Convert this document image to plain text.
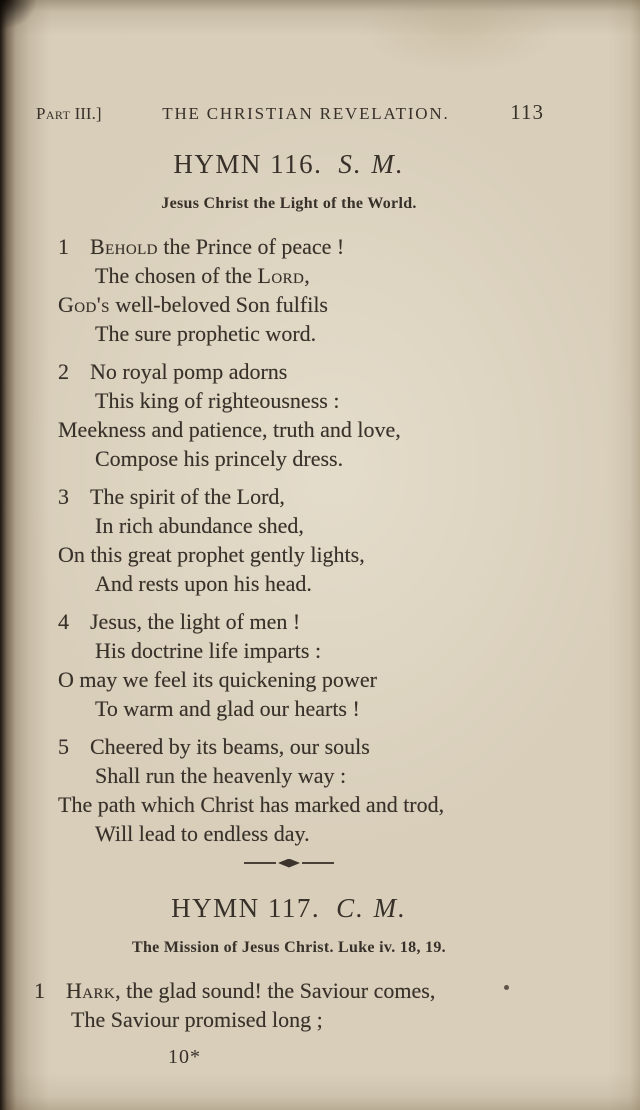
Part III.]	THE CHRISTIAN REVELATION.	113
HYMN 116. S. M.
Jesus Christ the Light of the World.
1 Behold the Prince of peace !
The chosen of the Lord,
God's well-beloved Son fulfils
The sure prophetic word.
2 No royal pomp adorns
This king of righteousness :
Meekness and patience, truth and love,
Compose his princely dress.
3 The spirit of the Lord,
In rich abundance shed,
On this great prophet gently lights,
And rests upon his head.
4 Jesus, the light of men !
His doctrine life imparts :
O may we feel its quickening power
To warm and glad our hearts !
5 Cheered by its beams, our souls
Shall run the heavenly way :
The path which Christ has marked and trod,
Will lead to endless day.
HYMN 117. C. M.
The Mission of Jesus Christ. Luke iv. 18, 19.
1 Hark, the glad sound! the Saviour comes,
The Saviour promised long ;
10*
